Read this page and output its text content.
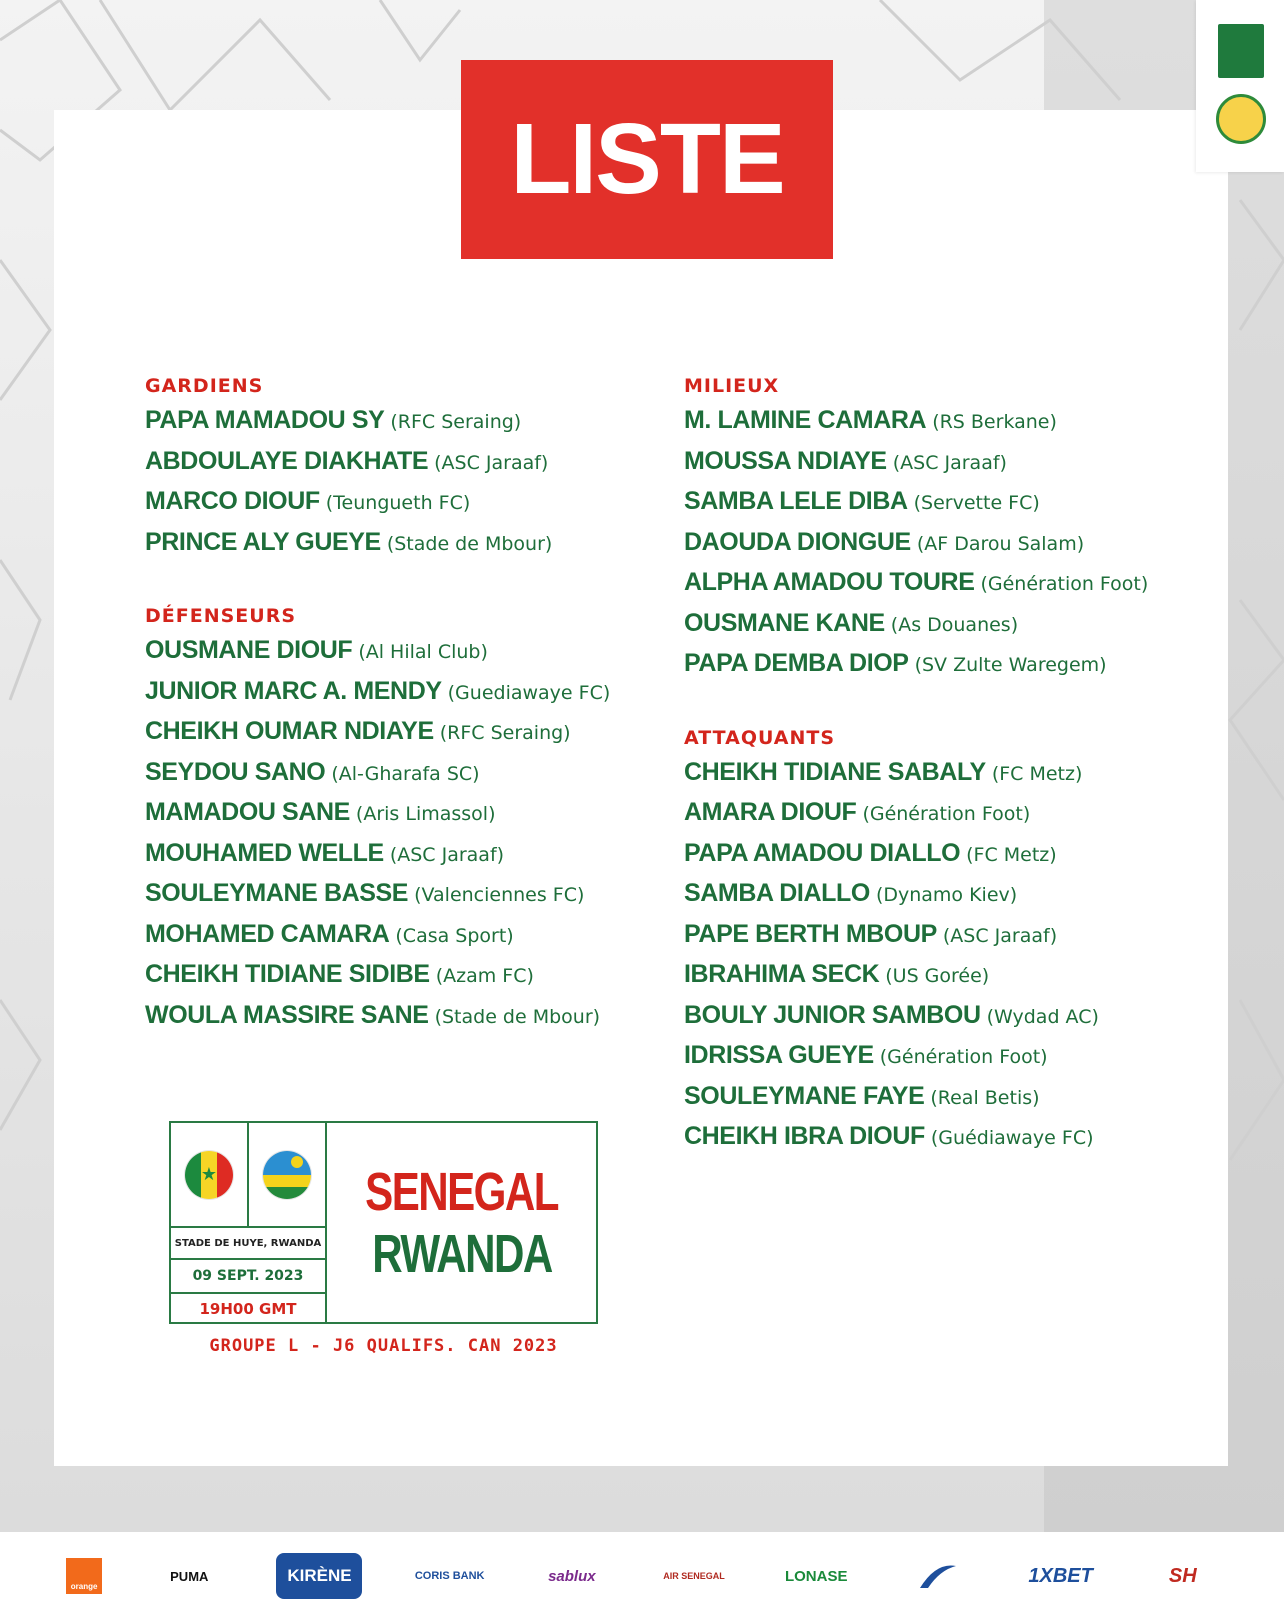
LISTE
GARDIENS
PAPA MAMADOU SY (RFC Seraing)
ABDOULAYE DIAKHATE (ASC Jaraaf)
MARCO DIOUF (Teungueth FC)
PRINCE ALY GUEYE (Stade de Mbour)
DÉFENSEURS
OUSMANE DIOUF (Al Hilal Club)
JUNIOR MARC A. MENDY (Guediawaye FC)
CHEIKH OUMAR NDIAYE (RFC Seraing)
SEYDOU SANO (Al-Gharafa SC)
MAMADOU SANE (Aris Limassol)
MOUHAMED WELLE (ASC Jaraaf)
SOULEYMANE BASSE (Valenciennes FC)
MOHAMED CAMARA (Casa Sport)
CHEIKH TIDIANE SIDIBE (Azam FC)
WOULA MASSIRE SANE (Stade de Mbour)
MILIEUX
M. LAMINE CAMARA (RS Berkane)
MOUSSA NDIAYE (ASC Jaraaf)
SAMBA LELE DIBA (Servette FC)
DAOUDA DIONGUE (AF Darou Salam)
ALPHA AMADOU TOURE (Génération Foot)
OUSMANE KANE (As Douanes)
PAPA DEMBA DIOP (SV Zulte Waregem)
ATTAQUANTS
CHEIKH TIDIANE SABALY (FC Metz)
AMARA DIOUF (Génération Foot)
PAPA AMADOU DIALLO (FC Metz)
SAMBA DIALLO (Dynamo Kiev)
PAPE BERTH MBOUP (ASC Jaraaf)
IBRAHIMA SECK (US Gorée)
BOULY JUNIOR SAMBOU (Wydad AC)
IDRISSA GUEYE (Génération Foot)
SOULEYMANE FAYE (Real Betis)
CHEIKH IBRA DIOUF (Guédiawaye FC)
★
STADE DE HUYE, RWANDA
09 SEPT. 2023
19H00 GMT
SENEGAL
RWANDA
GROUPE L - J6 QUALIFS. CAN 2023
orange
PUMA	KIRÈNE	CORIS BANK	sablux	AIR SENEGAL	LONASE	1XBET	SH
